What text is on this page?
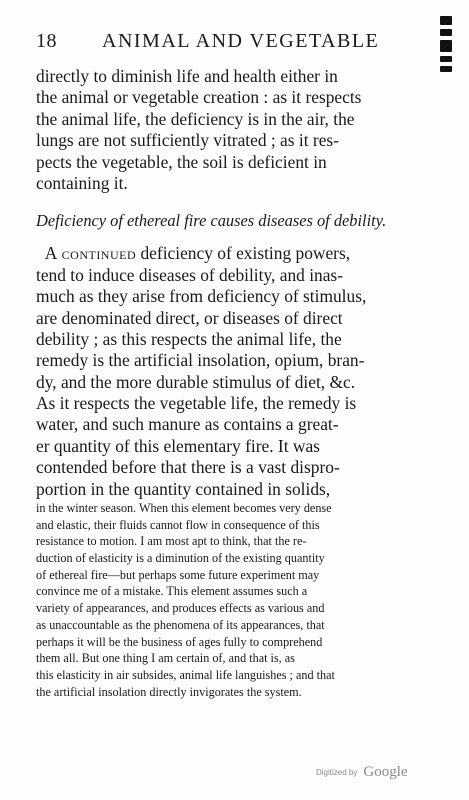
18 ANIMAL AND VEGETABLE
directly to diminish life and health either in
the animal or vegetable creation : as it respects
the animal life, the deficiency is in the air, the
lungs are not sufficiently vitrated ; as it res-
pects the vegetable, the soil is deficient in
containing it.
Deficiency of ethereal fire causes diseases of debility.
A continued deficiency of existing powers,
tend to induce diseases of debility, and inas-
much as they arise from deficiency of stimulus,
are denominated direct, or diseases of direct
debility ; as this respects the animal life, the
remedy is the artificial insolation, opium, bran-
dy, and the more durable stimulus of diet, &c.
As it respects the vegetable life, the remedy is
water, and such manure as contains a great-
er quantity of this elementary fire. It was
contended before that there is a vast dispro-
portion in the quantity contained in solids,
in the winter season. When this element becomes very dense
and elastic, their fluids cannot flow in consequence of this
resistance to motion. I am most apt to think, that the re-
duction of elasticity is a diminution of the existing quantity
of ethereal fire—but perhaps some future experiment may
convince me of a mistake. This element assumes such a
variety of appearances, and produces effects as various and
as unaccountable as the phenomena of its appearances, that
perhaps it will be the business of ages fully to comprehend
them all. But one thing I am certain of, and that is, as
this elasticity in air subsides, animal life languishes ; and that
the artificial insolation directly invigorates the system.
Digitized by Google
